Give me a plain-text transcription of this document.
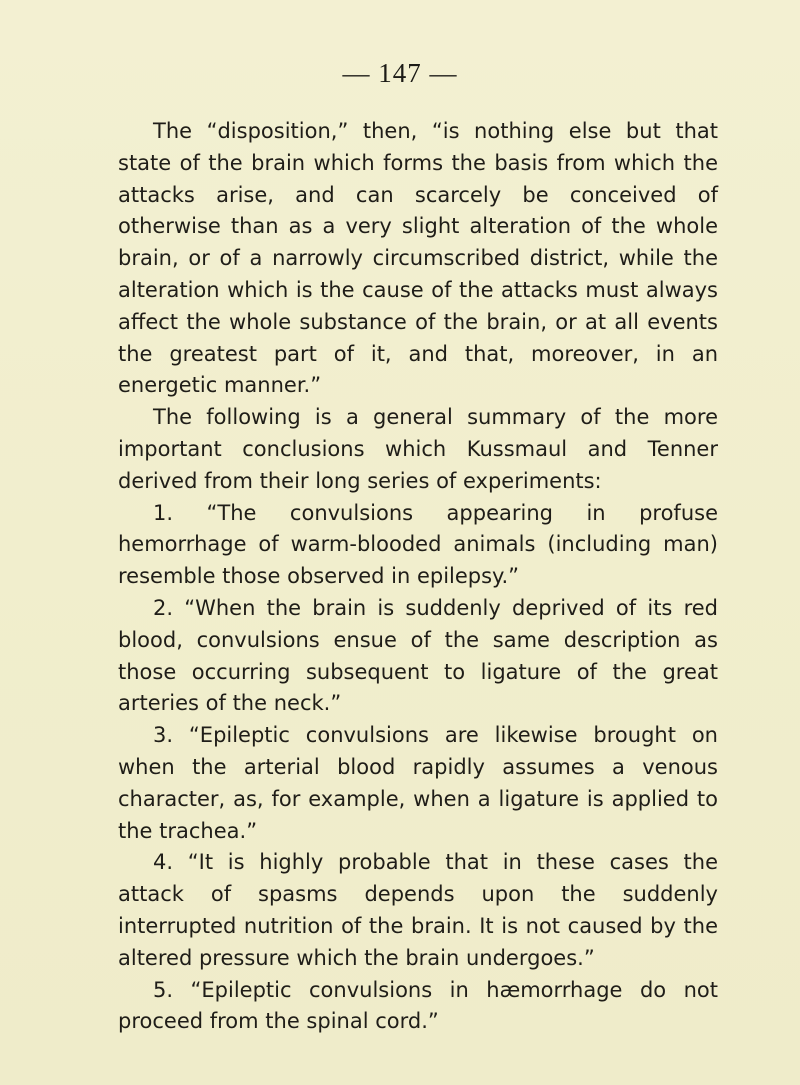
— 147 —

The “disposition,” then, “is nothing else but that state of the brain which forms the basis from which the attacks arise, and can scarcely be conceived of otherwise than as a very slight alteration of the whole brain, or of a narrowly circumscribed district, while the alteration which is the cause of the attacks must always affect the whole substance of the brain, or at all events the greatest part of it, and that, moreover, in an energetic manner.”

The following is a general summary of the more important conclusions which Kussmaul and Tenner derived from their long series of experiments:

1. “The convulsions appearing in profuse hemorrhage of warm-blooded animals (including man) resemble those observed in epilepsy.”

2. “When the brain is suddenly deprived of its red blood, convulsions ensue of the same description as those occurring subsequent to ligature of the great arteries of the neck.”

3. “Epileptic convulsions are likewise brought on when the arterial blood rapidly assumes a venous character, as, for example, when a ligature is applied to the trachea.”

4. “It is highly probable that in these cases the attack of spasms depends upon the suddenly interrupted nutrition of the brain. It is not caused by the altered pressure which the brain undergoes.”

5. “Epileptic convulsions in hæmorrhage do not proceed from the spinal cord.”
